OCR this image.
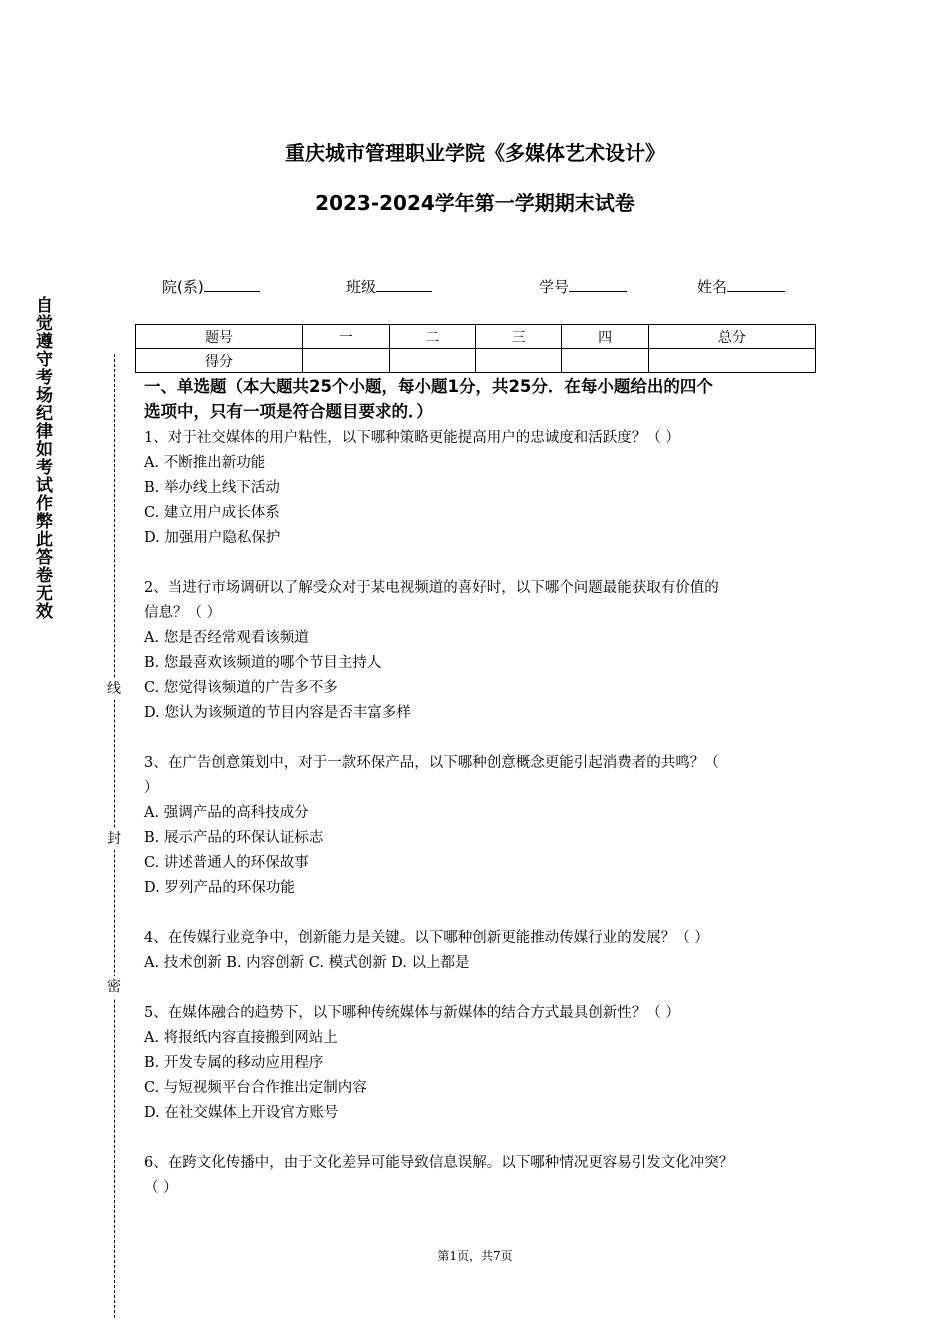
重庆城市管理职业学院《多媒体艺术设计》
2023-2024学年第一学期期末试卷
院(系)	班级	学号	姓名
题号	一	二	三	四	总分
得分					
自觉遵守考场纪律如考试作弊此答卷无效
线
封
密
一、单选题（本大题共25个小题，每小题1分，共25分．在每小题给出的四个
选项中，只有一项是符合题目要求的．）
1、对于社交媒体的用户粘性，以下哪种策略更能提高用户的忠诚度和活跃度？（ ）
A. 不断推出新功能
B. 举办线上线下活动
C. 建立用户成长体系
D. 加强用户隐私保护
2、当进行市场调研以了解受众对于某电视频道的喜好时，以下哪个问题最能获取有价值的
信息？（ ）
A. 您是否经常观看该频道
B. 您最喜欢该频道的哪个节目主持人
C. 您觉得该频道的广告多不多
D. 您认为该频道的节目内容是否丰富多样
3、在广告创意策划中，对于一款环保产品，以下哪种创意概念更能引起消费者的共鸣？（
）
A. 强调产品的高科技成分
B. 展示产品的环保认证标志
C. 讲述普通人的环保故事
D. 罗列产品的环保功能
4、在传媒行业竞争中，创新能力是关键。以下哪种创新更能推动传媒行业的发展？（ ）
A. 技术创新 B. 内容创新 C. 模式创新 D. 以上都是
5、在媒体融合的趋势下，以下哪种传统媒体与新媒体的结合方式最具创新性？（ ）
A. 将报纸内容直接搬到网站上
B. 开发专属的移动应用程序
C. 与短视频平台合作推出定制内容
D. 在社交媒体上开设官方账号
6、在跨文化传播中，由于文化差异可能导致信息误解。以下哪种情况更容易引发文化冲突？
（ ）
第1页，共7页
